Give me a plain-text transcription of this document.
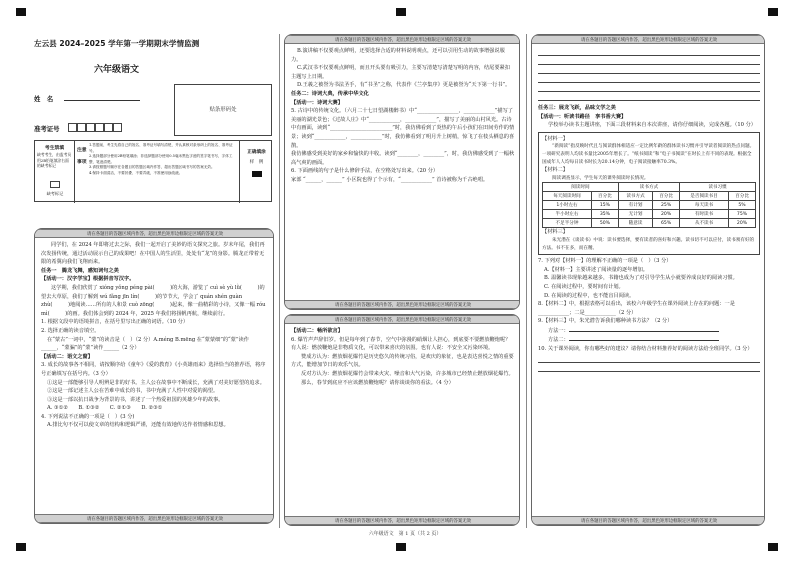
左云县 2024–2025 学年第一学期期末学情监测
六年级语文
姓　名
准考证号
贴条形码处
考生禁填
缺考考生，由监考员用2B铅笔填涂右面的缺考标记
缺考标记
注意事项
1.答题前，考生先将自己的姓名、准考证号填写清楚，并认真核对条形码上的姓名、准考证号。
2.选择题部分使用2B铅笔填涂；非选择题部分使用0.5毫米黑色字迹的签字笔书写，字体工整、笔迹清楚。
3.请按照题号顺序在各题目的答题区域内作答，超出答题区域书写的答案无效。
4.保持卡面清洁，不要折叠、不要弄破，不准使用涂改液。
正确填涂
样　例
请在各题目的答题区域内作答，超出黑色矩形边框限定区域的答案无效
同学们，在 2024 年即将过去之际，我们一起开启了美妙的语文探究之旅。岁末年尾，我们再次发扬传统，通过活动展示自己的成果吧！在中国人的生活里，处处有“龙”的身影。腾龙正带着无限的希冀向我们飞翔而来。
任务一　腾龙飞舞，感知词句之美
【活动一：汉字学宝】根据拼音写汉字。
这学期，我们欣赏了 xióng yǒng péng pài(　　　)的大海，游览了 cuì sè yù lǜ(　　　)的望去大草原，我们了解到 wú fǎng jīn lín(　　　)的节节大，学会了 quán shén guàn zhù(　　　)地阅读……所有的人和景 cuò zōng(　　　)起来，像一曲精彩的小诗，又像一幅 róu mì(　　　)的画。我们体会到的 2024 年，2025 年我们将扬帆再航，继续前行。
1. 根据文段中的语境拼音，在括号里写出正确的词语。（10 分）
2. 选择正确的读音填空。
在“蒙古”一词中，“蒙”的读音是（　）（2 分）A.méng B.mēng 在“蒙蒙细”的“蒙”读作______，“蒙骗”的“蒙”读作______（2 分）
【活动二：语文之窗】
3. 成长的故事各不相同，请按顺序给《童年》《爱的教育》《小英雄雨来》选择恰当的推荐语，将序号正确填写在括号内。（3 分）
①这是一部能够引导人明辨是非的好书。主人公在故事中不断成长，充满了对美好愿望的追求。
②这是一部记述主人公在苦难中成长的书，书中充满了人性中对爱的渴望。
③这是一部以抗日战争为背景的书，讲述了一个热爱祖国的英雄少年的故事。
A. ③①②　　B. ①③②　　C. ②①③　　D. ②③①
4. 下列说法不正确的一项是（　）(3 分)
A.排比句不仅可以使文章的结构和逻辑严谨，还能有效地传达作者情感和思想。
请在各题目的答题区域内作答，超出黑色矩形边框限定区域的答案无效
请在各题目的答题区域内作答，超出黑色矩形边框限定区域的答案无效
B.演讲稿不仅要观点鲜明，还要选择合适的材料说明观点，还可以引用生动的故事增强说服力。
C.武汉书不仅要观点鲜明，而且开头要有吸引力，主要写清楚写清楚写明的内容，结尾要紧扣主题写上日期。
D.王羲之被誉为书法圣手，有“书圣”之称，代表作《兰亭集序》更是被誉为“天下第一行书”。
任务二：诗词大典，传承中华文化
【活动一：诗词大赛】
5. 古诗中的传统文化。（六月二十七日望湖楼醉书）中“________________，____________”描写了美丽的湖光景色；《过故人庄》中“____________，____________”，描写了美丽的山村风光。古诗中有画面，读到“________________________”时，我仿佛看到了炎热的午后小孩们在田间劳作的情景；读到“____________，____________”时，我仿佛看到了明月升上树梢，惊飞了在枝头栖息的喜鹊。
我仿佛感受到美好的家乡和愉快的丰收。读到“________，________”，时，我仿佛感受到了一幅秋高气爽的画面。
6. 下面画线的句子是什么修辞手法，在空格处写出来。（20 分）
家部 “______，______” 小区院也得了个示有，“____________” 首诗被称为千古绝唱。
请在各题目的答题区域内作答，超出黑色矩形边框限定区域的答案无效
请在各题目的答题区域内作答，超出黑色矩形边框限定区域的答案无效
【活动二：畅所欲言】
6. 爆竹声声辞旧岁。但是每年到了春节，空气中弥漫的硝烟让人担心，到底要不要燃放鞭炮呢？有人说：燃放鞭炮是非物质文化，可以带来喜庆的氛围。也有人说：不安全又污染环境。
赞成方认为：燃放烟花爆竹是历史悠久的传统习俗，是欢庆的象征，也是表达喜悦之情的重要方式，能增加节日的欢乐气氛。
反对方认为：燃放烟花爆竹会带来火灾、噪音和大气污染，许多城市已经禁止燃放烟花爆竹。
那么，春节到底应不应该燃放鞭炮呢？请你谈谈你的看法。（4 分）
请在各题目的答题区域内作答，超出黑色矩形边框限定区域的答案无效
六年级语文　第 1 页（共 2 页）
请在各题目的答题区域内作答，超出黑色矩形边框限定区域的答案无效
任务三：展龙飞跃，品味文学之美
【活动一：听读书路径　享书香大赛】
学校举办读书主题讲座，下面三段材料来自本次讲座，请你仔细阅读，完成各题。（10 分）
【材料一】
“新阅读”指反映时代且与阅读群体相适应一定比例年龄的群体读书习惯并引导读者阅读的热点问题。一项研究表明人均读书量比2005年增长了。“纸书阅读”和“电子书阅读”在时长上有不同的表现。根据全国成年人人均每日读书时长为20.14分钟，电子阅读接触率70.3%。
【材料二】
阅读调查显示，学生每天的课外阅读时长情况。
阅读时间		读书方式		读书习惯	
每天阅读时间	百分比	读书方式	百分比	是否阅读书目	百分比
1小时左右	15%	有计划	25%	每天读书	5%
半小时左右	35%	无计划	20%	有时读书	75%
不足半分钟	50%	随意读	65%	从不读书	20%
【材料三】
朱光潜在《谈读书》中说：读书要选择，要有读者的喜好和兴趣。读书切不可以应付，读书须有好的方法。书不在多，而在精。
7. 下列对【材料一】的理解不正确的一项是（　）（3 分）
A.【材料一】主要讲述了阅读量的逐年增加。
B. 温馨读书现象越来越多，书籍也成为了对引导学生从小就要养成良好的阅读习惯。
C. 在阅读过程中，要时间有计划。
D. 在阅读的过程中，也不能盲目阅读。
8.【材料二】中，根据表格可以看出，该校六年级学生在课外阅读上存在的问题：一是____________；二是____________（2 分）
9.【材料三】中，朱光潜告诉我们哪种读书方法？（2 分）
方法一：
方法二：
10. 关于课外阅读，你有哪些好的建议？请你结合材料推荐好的阅读方法给全班同学。（3 分）
请在各题目的答题区域内作答，超出黑色矩形边框限定区域的答案无效
